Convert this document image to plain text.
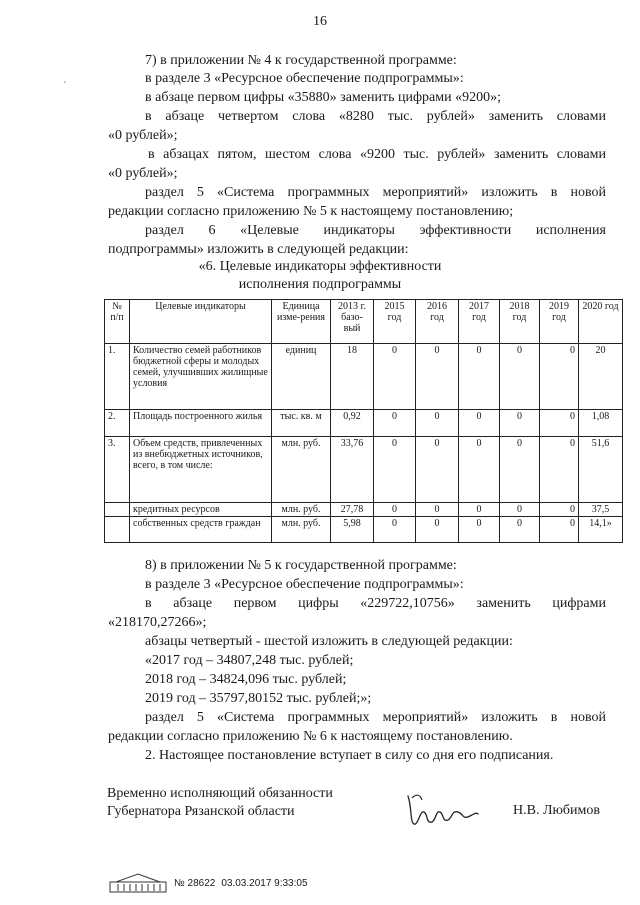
16
'
7) в приложении № 4 к государственной программе:
в разделе 3 «Ресурсное обеспечение подпрограммы»:
в абзаце первом цифры «35880» заменить цифрами «9200»;
в абзаце четвертом слова «8280 тыс. рублей» заменить словами
«0 рублей»;
в абзацах пятом, шестом слова «9200 тыс. рублей» заменить словами
«0 рублей»;
раздел 5 «Система программных мероприятий» изложить в новой
редакции согласно приложению № 5 к настоящему постановлению;
раздел 6 «Целевые индикаторы эффективности исполнения
подпрограммы» изложить в следующей редакции:
«6. Целевые индикаторы эффективности
исполнения подпрограммы
№ п/п	Целевые индикаторы	Единица изме-рения	2013 г. базо-вый	2015 год	2016 год	2017 год	2018 год	2019 год	2020 год
1.	Количество семей работников бюджетной сферы и молодых семей, улучшивших жилищные условия	единиц	18	0	0	0	0	0	20
2.	Площадь построенного жилья	тыс. кв. м	0,92	0	0	0	0	0	1,08
3.	Объем средств, привлеченных из внебюджетных источников, всего, в том числе:	млн. руб.	33,76	0	0	0	0	0	51,6
	кредитных ресурсов	млн. руб.	27,78	0	0	0	0	0	37,5
	собственных средств граждан	млн. руб.	5,98	0	0	0	0	0	14,1»
8) в приложении № 5 к государственной программе:
в разделе 3 «Ресурсное обеспечение подпрограммы»:
в абзаце первом цифры «229722,10756» заменить цифрами
«218170,27266»;
абзацы четвертый - шестой изложить в следующей редакции:
«2017 год – 34807,248 тыс. рублей;
2018 год – 34824,096 тыс. рублей;
2019 год – 35797,80152 тыс. рублей;»;
раздел 5 «Система программных мероприятий» изложить в новой
редакции согласно приложению № 6 к настоящему постановлению.
2. Настоящее постановление вступает в силу со дня его подписания.
Временно исполняющий обязанности
Губернатора Рязанской области	Н.В. Любимов
№ 28622 03.03.2017 9:33:05
